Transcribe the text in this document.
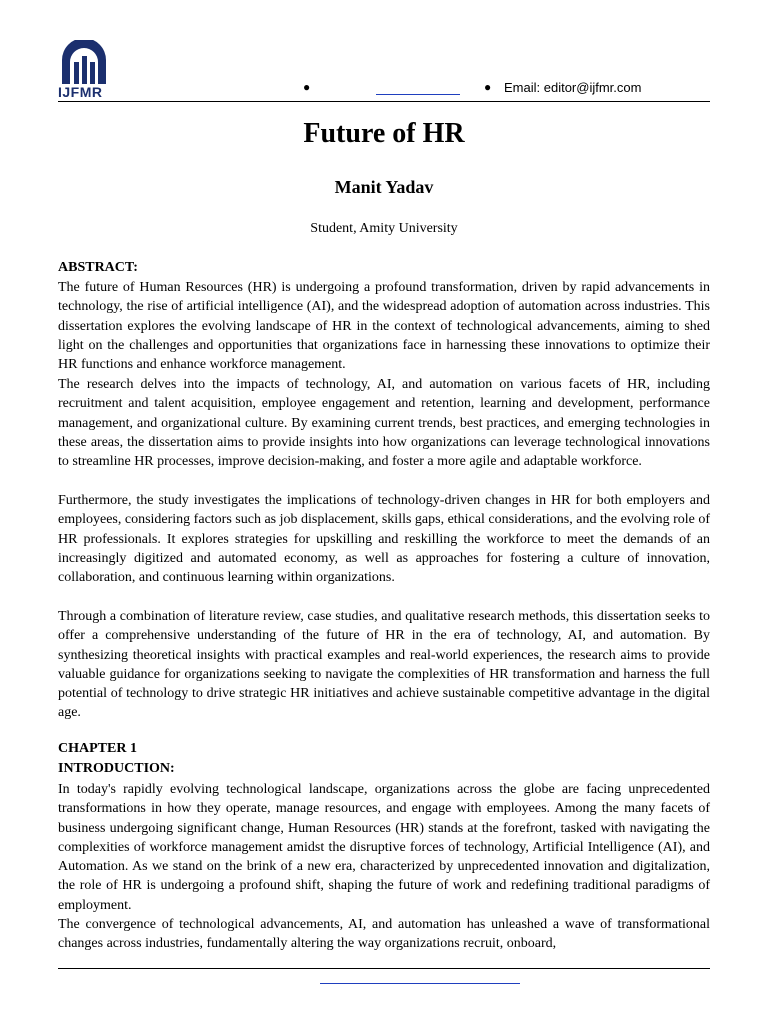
IJFMR	●	● Email: editor@ijfmr.com
Future of HR
Manit Yadav
Student, Amity University
ABSTRACT:

The future of Human Resources (HR) is undergoing a profound transformation, driven by rapid advancements in technology, the rise of artificial intelligence (AI), and the widespread adoption of automation across industries. This dissertation explores the evolving landscape of HR in the context of technological advancements, aiming to shed light on the challenges and opportunities that organizations face in harnessing these innovations to optimize their HR functions and enhance workforce management.

The research delves into the impacts of technology, AI, and automation on various facets of HR, including recruitment and talent acquisition, employee engagement and retention, learning and development, performance management, and organizational culture. By examining current trends, best practices, and emerging technologies in these areas, the dissertation aims to provide insights into how organizations can leverage technological innovations to streamline HR processes, improve decision-making, and foster a more agile and adaptable workforce.

Furthermore, the study investigates the implications of technology-driven changes in HR for both employers and employees, considering factors such as job displacement, skills gaps, ethical considerations, and the evolving role of HR professionals. It explores strategies for upskilling and reskilling the workforce to meet the demands of an increasingly digitized and automated economy, as well as approaches for fostering a culture of innovation, collaboration, and continuous learning within organizations.

Through a combination of literature review, case studies, and qualitative research methods, this dissertation seeks to offer a comprehensive understanding of the future of HR in the era of technology, AI, and automation. By synthesizing theoretical insights with practical examples and real-world experiences, the research aims to provide valuable guidance for organizations seeking to navigate the complexities of HR transformation and harness the full potential of technology to drive strategic HR initiatives and achieve sustainable competitive advantage in the digital age.

CHAPTER 1
INTRODUCTION:

In today's rapidly evolving technological landscape, organizations across the globe are facing unprecedented transformations in how they operate, manage resources, and engage with employees. Among the many facets of business undergoing significant change, Human Resources (HR) stands at the forefront, tasked with navigating the complexities of workforce management amidst the disruptive forces of technology, Artificial Intelligence (AI), and Automation. As we stand on the brink of a new era, characterized by unprecedented innovation and digitalization, the role of HR is undergoing a profound shift, shaping the future of work and redefining traditional paradigms of employment.

The convergence of technological advancements, AI, and automation has unleashed a wave of transformational changes across industries, fundamentally altering the way organizations recruit, onboard,
